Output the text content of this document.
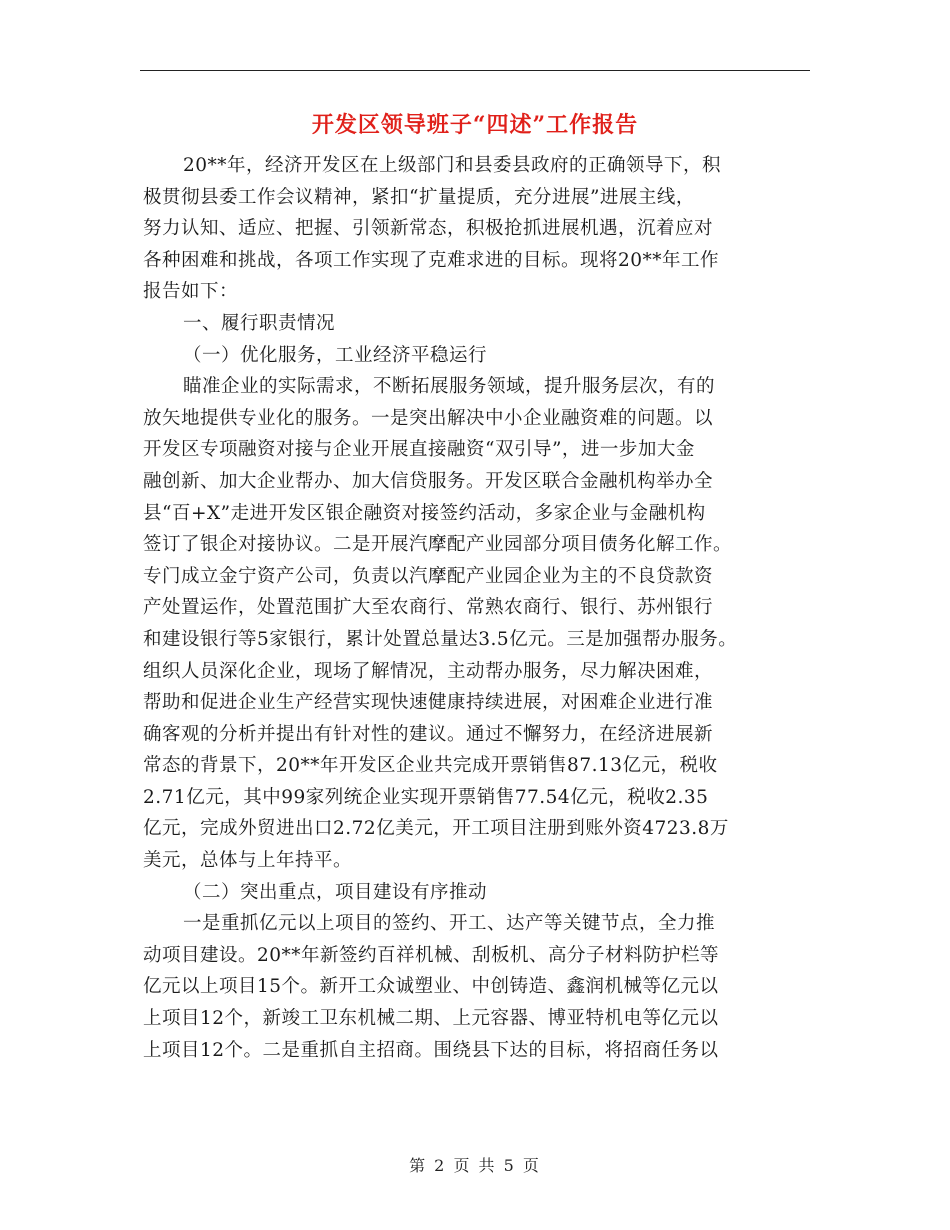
开发区领导班子“四述”工作报告
20**年，经济开发区在上级部门和县委县政府的正确领导下，积
极贯彻县委工作会议精神，紧扣“扩量提质，充分进展”进展主线，
努力认知、适应、把握、引领新常态，积极抢抓进展机遇，沉着应对
各种困难和挑战，各项工作实现了克难求进的目标。现将20**年工作
报告如下：
一、履行职责情况
（一）优化服务，工业经济平稳运行
瞄准企业的实际需求，不断拓展服务领域，提升服务层次，有的
放矢地提供专业化的服务。一是突出解决中小企业融资难的问题。以
开发区专项融资对接与企业开展直接融资“双引导”，进一步加大金
融创新、加大企业帮办、加大信贷服务。开发区联合金融机构举办全
县“百+X”走进开发区银企融资对接签约活动，多家企业与金融机构
签订了银企对接协议。二是开展汽摩配产业园部分项目债务化解工作。
专门成立金宁资产公司，负责以汽摩配产业园企业为主的不良贷款资
产处置运作，处置范围扩大至农商行、常熟农商行、银行、苏州银行
和建设银行等5家银行，累计处置总量达3.5亿元。三是加强帮办服务。
组织人员深化企业，现场了解情况，主动帮办服务，尽力解决困难，
帮助和促进企业生产经营实现快速健康持续进展，对困难企业进行准
确客观的分析并提出有针对性的建议。通过不懈努力，在经济进展新
常态的背景下，20**年开发区企业共完成开票销售87.13亿元，税收
2.71亿元，其中99家列统企业实现开票销售77.54亿元，税收2.35
亿元，完成外贸进出口2.72亿美元，开工项目注册到账外资4723.8万
美元，总体与上年持平。
（二）突出重点，项目建设有序推动
一是重抓亿元以上项目的签约、开工、达产等关键节点，全力推
动项目建设。20**年新签约百祥机械、刮板机、高分子材料防护栏等
亿元以上项目15个。新开工众诚塑业、中创铸造、鑫润机械等亿元以
上项目12个，新竣工卫东机械二期、上元容器、博亚特机电等亿元以
上项目12个。二是重抓自主招商。围绕县下达的目标，将招商任务以
第 2 页 共 5 页
